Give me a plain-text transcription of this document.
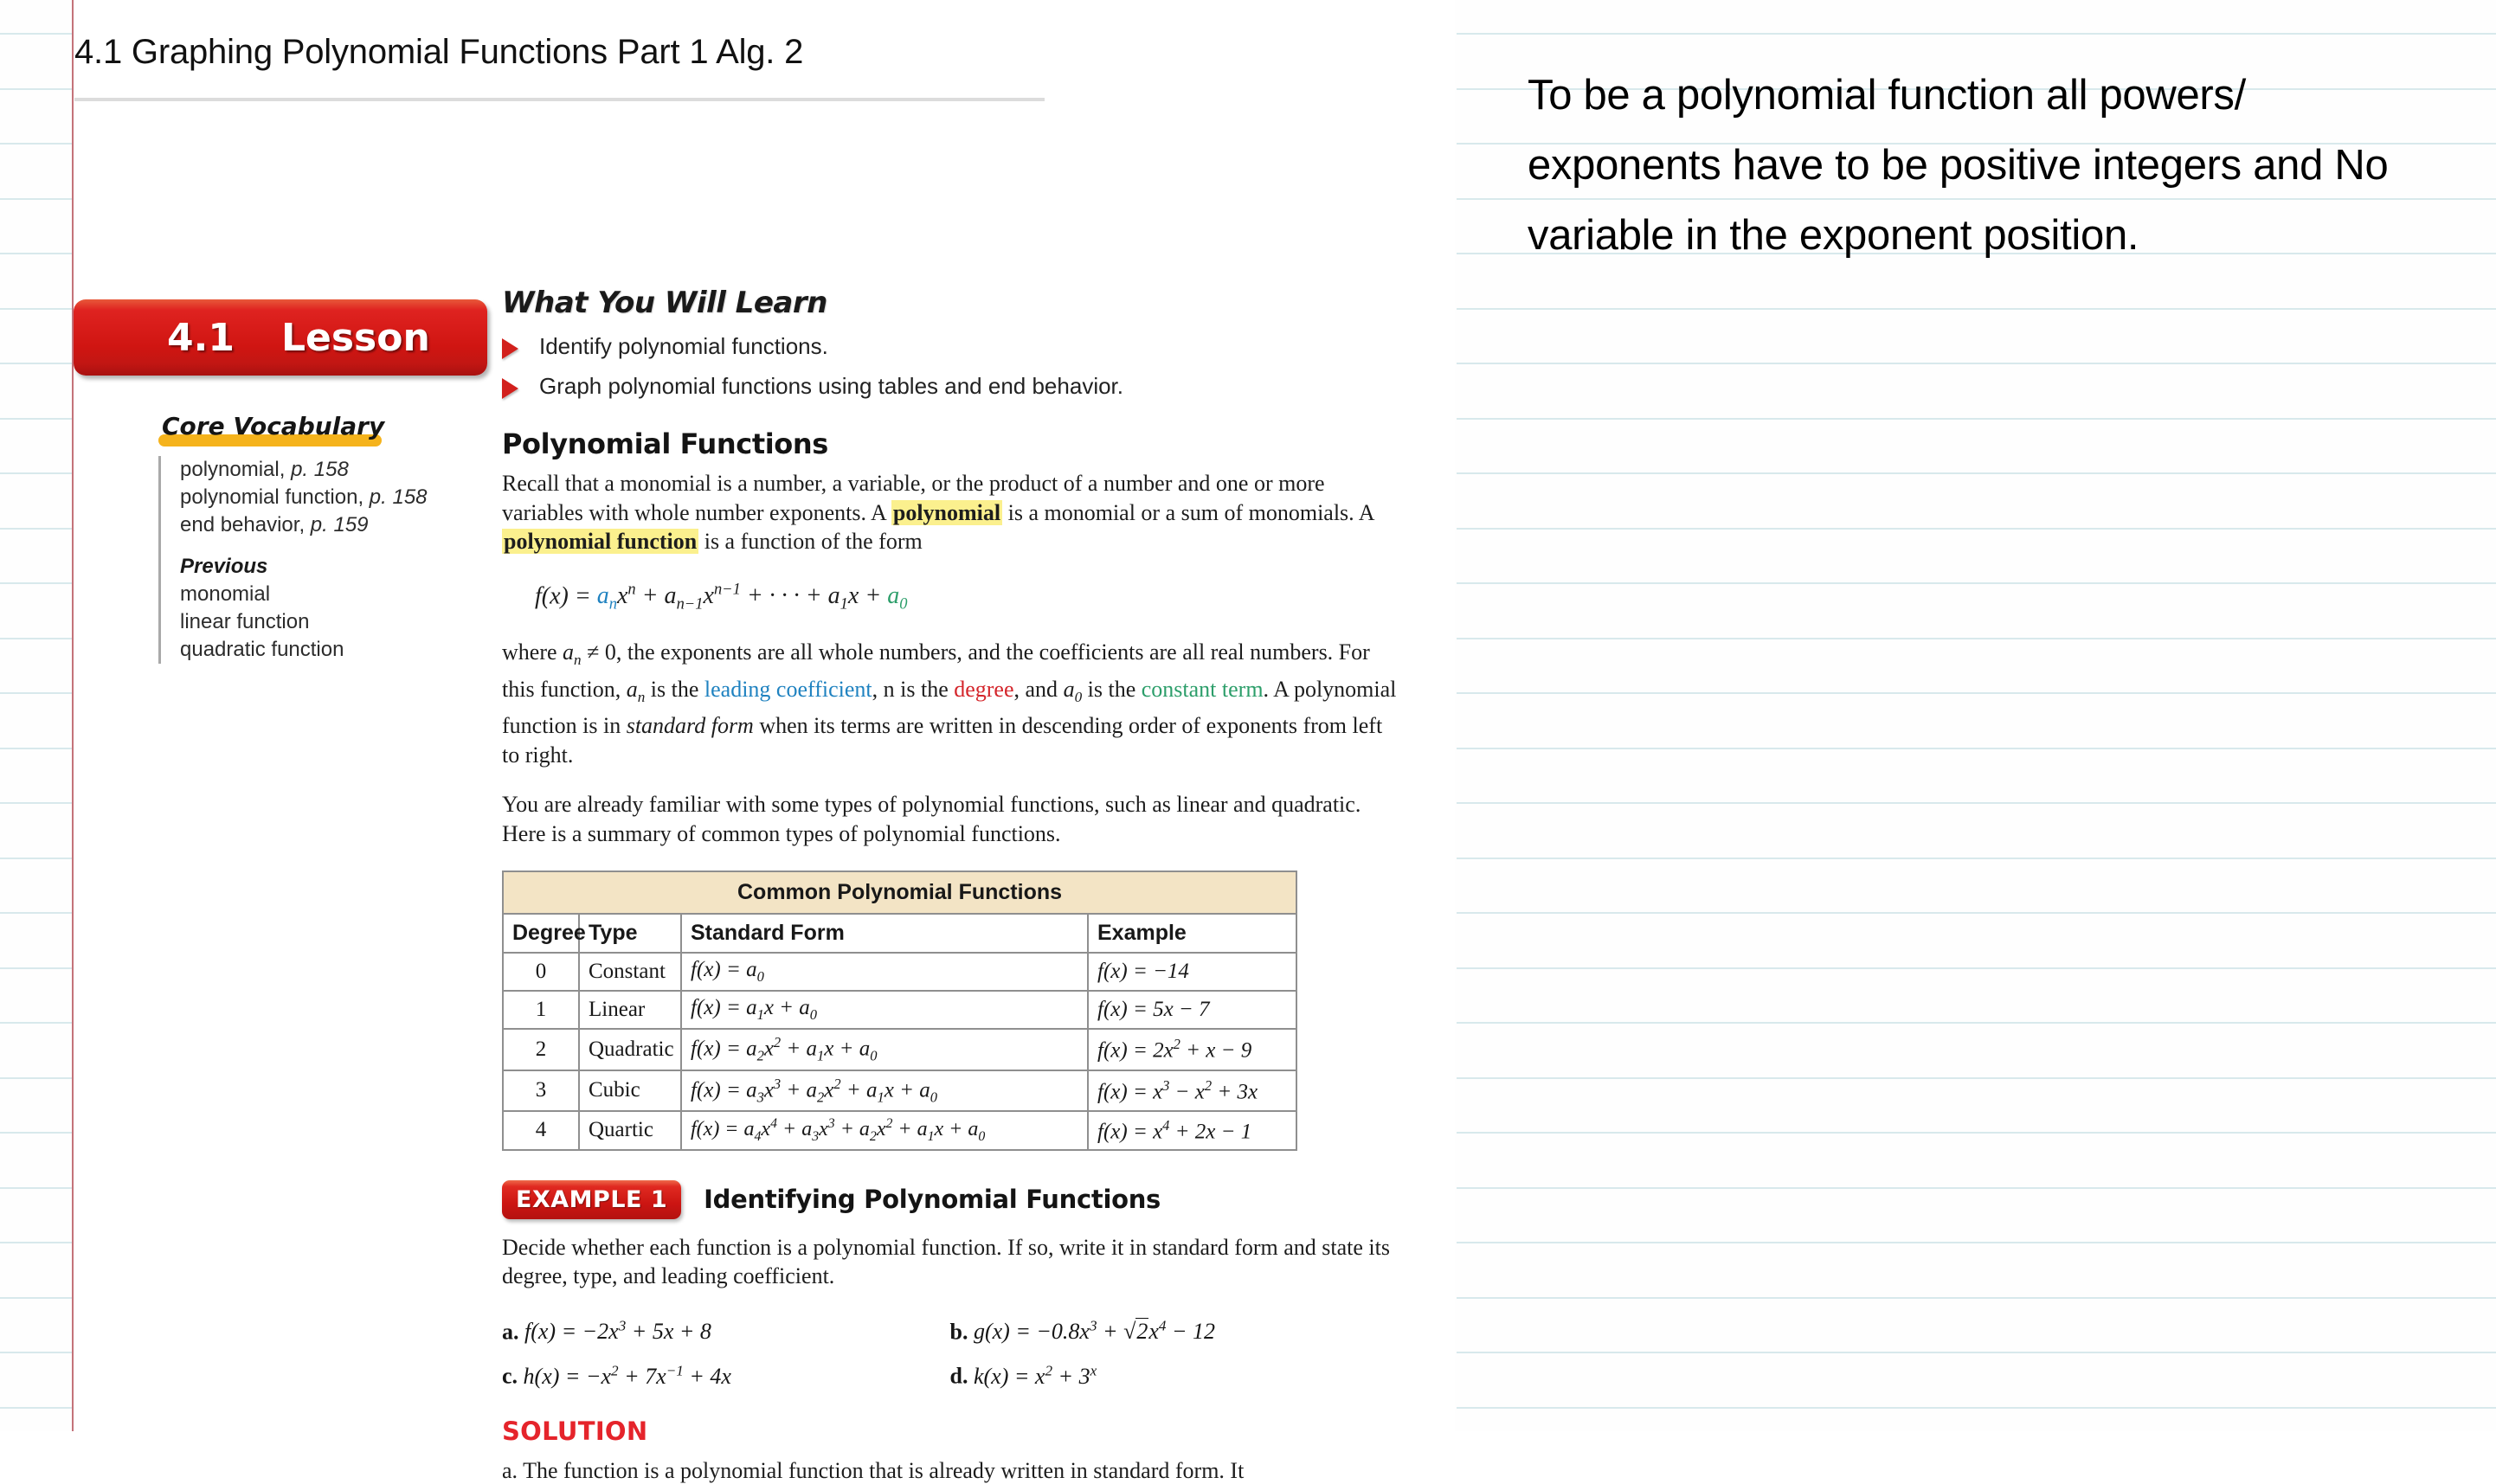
4.1 Graphing Polynomial Functions Part 1 Alg. 2
To be a polynomial function all powers/ exponents have to be positive integers and No variable in the exponent position.
4.1 Lesson
Core Vocabulary
polynomial, p. 158
polynomial function, p. 158
end behavior, p. 159
Previous
monomial
linear function
quadratic function
What You Will Learn
Identify polynomial functions.
Graph polynomial functions using tables and end behavior.
Polynomial Functions

Recall that a monomial is a number, a variable, or the product of a number and one or more variables with whole number exponents. A polynomial is a monomial or a sum of monomials. A polynomial function is a function of the form

$f(x) = a_nx^n + a_{n-1}x^{n-1}$ + · · · + $a_1x + a_0$

where $a_n \ne 0$, the exponents are all whole numbers, and the coefficients are all real numbers. For this function, $a_n$ is the leading coefficient, n is the degree, and $a_0$ is the constant term. A polynomial function is in standard form when its terms are written in descending order of exponents from left to right.

You are already familiar with some types of polynomial functions, such as linear and quadratic. Here is a summary of common types of polynomial functions.

Common Polynomial Functions			
Degree	Type	Standard Form	Example
0	Constant	$f(x) = a_0$	f(x) = −14
1	Linear	$f(x) = a_1x + a_0$	f(x) = 5x − 7
2	Quadratic	$f(x) = a_2x^2 + a_1x + a_0$	$f(x) = 2x^2 + x - 9$
3	Cubic	$f(x) = a_3x^3 + a_2x^2 + a_1x + a_0$	$f(x) = x^3 - x^2 + 3x$
4	Quartic	$f(x) = a_4x^4 + a_3x^3 + a_2x^2 + a_1x + a_0$	$f(x) = x^4 + 2x - 1$
EXAMPLE 1	Identifying Polynomial Functions

Decide whether each function is a polynomial function. If so, write it in standard form and state its degree, type, and leading coefficient.

a. $f(x) = -2x^3 + 5x + 8$
c. $h(x) = -x^2 + 7x^{-1} + 4x$
b. $g(x) = -0.8x^3 + √2x^4 - 12$
d. $k(x) = x^2 + 3^x$
SOLUTION
a. The function is a polynomial function that is already written in standard form. It
